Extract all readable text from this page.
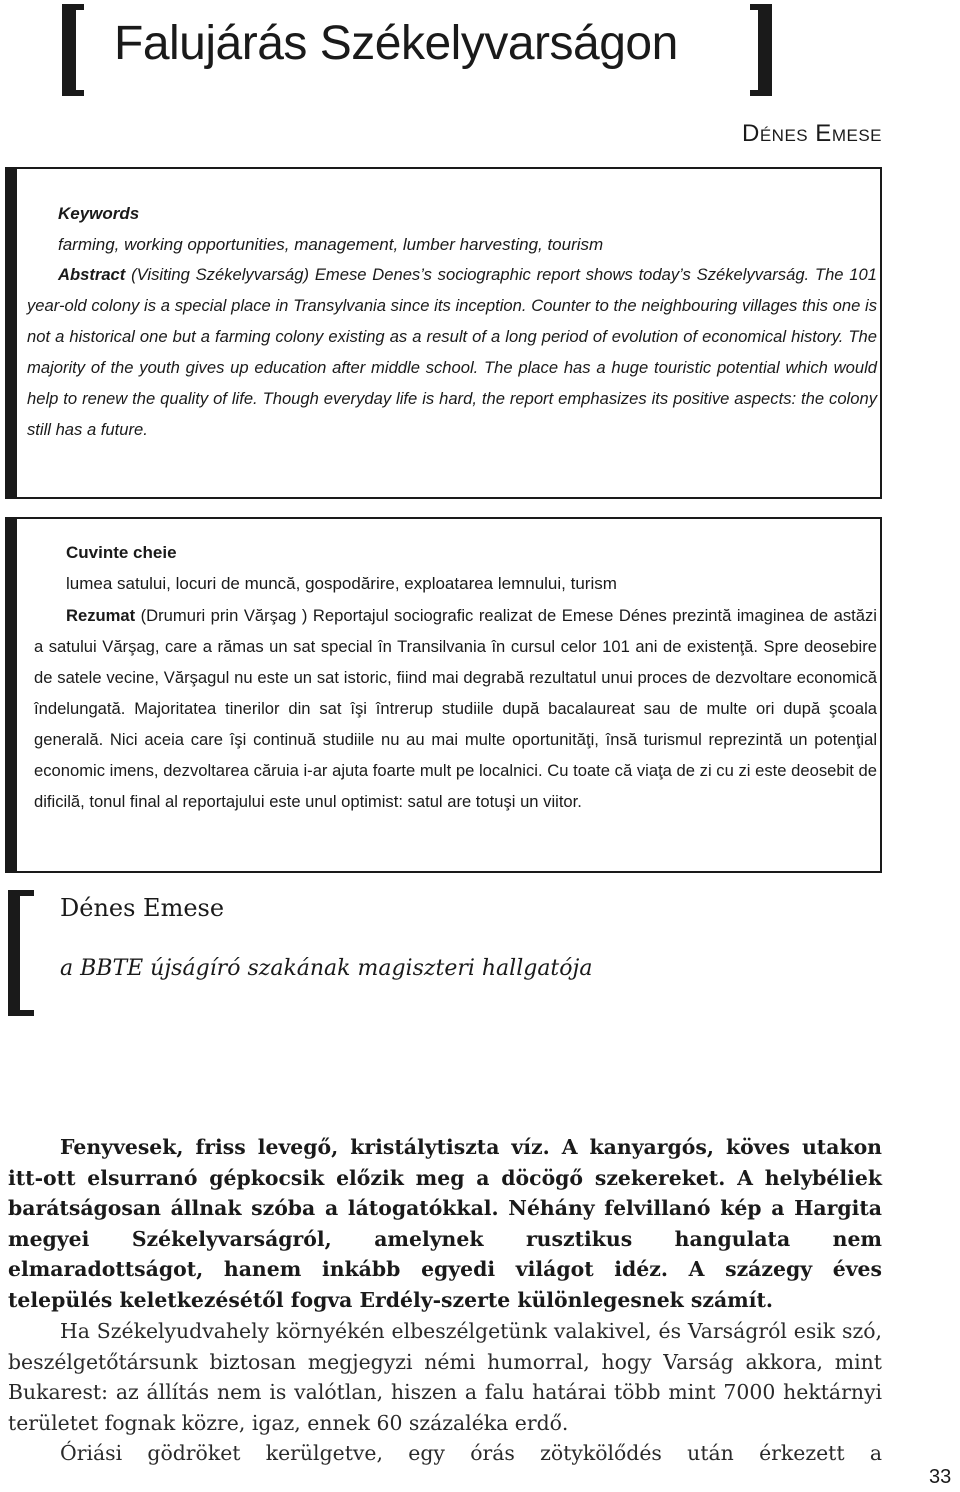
Falujárás Székelyvarságon
Dénes Emese
Keywords
farming, working opportunities, management, lumber harvesting, tourism

Abstract (Visiting Székelyvarság) Emese Denes’s sociographic report shows today’s Székelyvarság. The 101 year-old colony is a special place in Transylvania since its inception. Counter to the neighbouring villages this one is not a historical one but a farming colony existing as a result of a long period of evolution of economical history. The majority of the youth gives up education after middle school. The place has a huge touristic potential which would help to renew the quality of life. Though everyday life is hard, the report emphasizes its positive aspects: the colony still has a future.

Cuvinte cheie
lumea satului, locuri de muncă, gospodărire, exploatarea lemnului, turism

Rezumat (Drumuri prin Vărşag ) Reportajul sociografic realizat de Emese Dénes prezintă imaginea de astăzi a satului Vărşag, care a rămas un sat special în Transilvania în cursul celor 101 ani de existenţă. Spre deosebire de satele vecine, Vărşagul nu este un sat istoric, fiind mai degrabă rezultatul unui proces de dezvoltare economică îndelungată. Majoritatea tinerilor din sat îşi întrerup studiile după bacalaureat sau de multe ori după şcoala generală. Nici aceia care îşi continuă studiile nu au mai multe oportunităţi, însă turismul reprezintă un potenţial economic imens, dezvoltarea căruia i-ar ajuta foarte mult pe localnici. Cu toate că viaţa de zi cu zi este deosebit de dificilă, tonul final al reportajului este unul optimist: satul are totuşi un viitor.

Dénes Emese
a BBTE újságíró szakának magiszteri hallgatója

Fenyvesek, friss levegő, kristálytiszta víz. A kanyargós, köves utakon itt-ott elsurranó gépkocsik előzik meg a döcögő szekereket. A helybéliek barátságosan állnak szóba a látogatókkal. Néhány felvillanó kép a Hargita megyei Székelyvarságról, amelynek rusztikus hangulata nem elmaradottságot, hanem inkább egyedi világot idéz. A százegy éves település keletkezésétől fogva Erdély-szerte különlegesnek számít.

Ha Székelyudvahely környékén elbeszélgetünk valakivel, és Varságról esik szó, beszélgetőtársunk biztosan megjegyzi némi humorral, hogy Varság akkora, mint Bukarest: az állítás nem is valótlan, hiszen a falu határai több mint 7000 hektárnyi területet fognak közre, igaz, ennek 60 százaléka erdő.

Óriási gödröket kerülgetve, egy órás zötykölődés után érkezett a

33
